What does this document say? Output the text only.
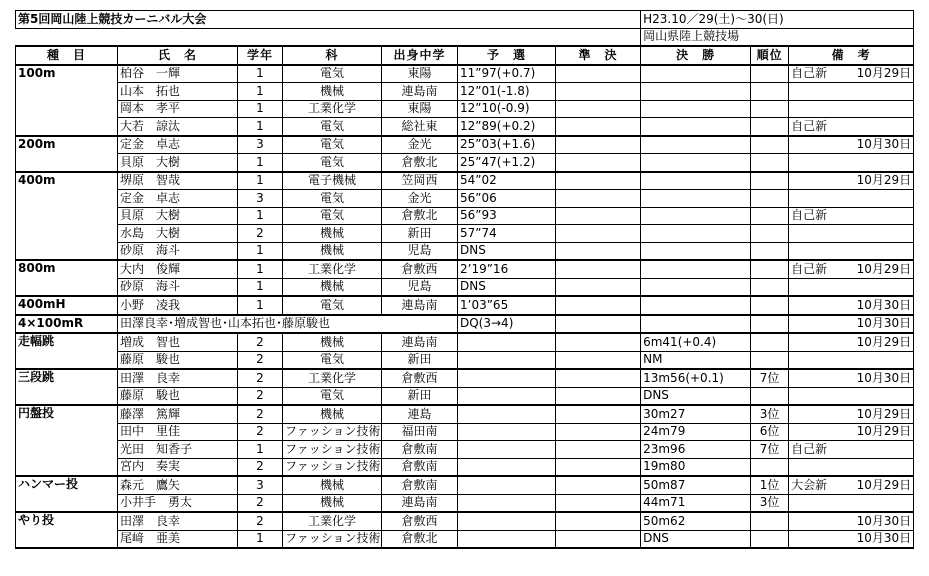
第5回岡山陸上競技カーニバル大会							H23.10／29(土)～30(日)			
							岡山県陸上競技場			
種　目	氏　名	学年	科	出身中学	予　選	準　決	決　勝	順位	備　考	
100m	柏谷　一輝	1	電気	東陽	11”97(+0.7)				自己新	10月29日
	山本　拓也	1	機械	連島南	12”01(-1.8)					
	岡本　孝平	1	工業化学	東陽	12”10(-0.9)					
	大若　諒汰	1	電気	総社東	12”89(+0.2)				自己新	
200m	定金　卓志	3	電気	金光	25”03(+1.6)					10月30日
	貝原　大樹	1	電気	倉敷北	25”47(+1.2)					
400m	堺原　智哉	1	電子機械	笠岡西	54”02					10月29日
	定金　卓志	3	電気	金光	56”06					
	貝原　大樹	1	電気	倉敷北	56”93				自己新	
	水島　大樹	2	機械	新田	57”74					
	砂原　海斗	1	機械	児島	DNS					
800m	大内　俊輝	1	工業化学	倉敷西	2’19”16				自己新	10月29日
	砂原　海斗	1	機械	児島	DNS					
400mH	小野　凌我	1	電気	連島南	1’03”65					10月30日
4×100mR	田澤良幸･増成智也･山本拓也･藤原駿也				DQ(3→4)					10月30日
走幅跳	増成　智也	2	機械	連島南			6m41(+0.4)			10月29日
	藤原　駿也	2	電気	新田			NM			
三段跳	田澤　良幸	2	工業化学	倉敷西			13m56(+0.1)	7位		10月30日
	藤原　駿也	2	電気	新田			DNS			
円盤投	藤澤　篤輝	2	機械	連島			30m27	3位		10月29日
	田中　里佳	2	ファッション技術	福田南			24m79	6位		10月29日
	光田　知香子	1	ファッション技術	倉敷南			23m96	7位	自己新	
	宮内　奏実	2	ファッション技術	倉敷南			19m80			
ハンマー投	森元　鷹矢	3	機械	倉敷南			50m87	1位	大会新	10月29日
	小井手　勇太	2	機械	連島南			44m71	3位		
やり投	田澤　良幸	2	工業化学	倉敷西			50m62			10月30日
	尾﨑　亜美	1	ファッション技術	倉敷北			DNS			10月30日
